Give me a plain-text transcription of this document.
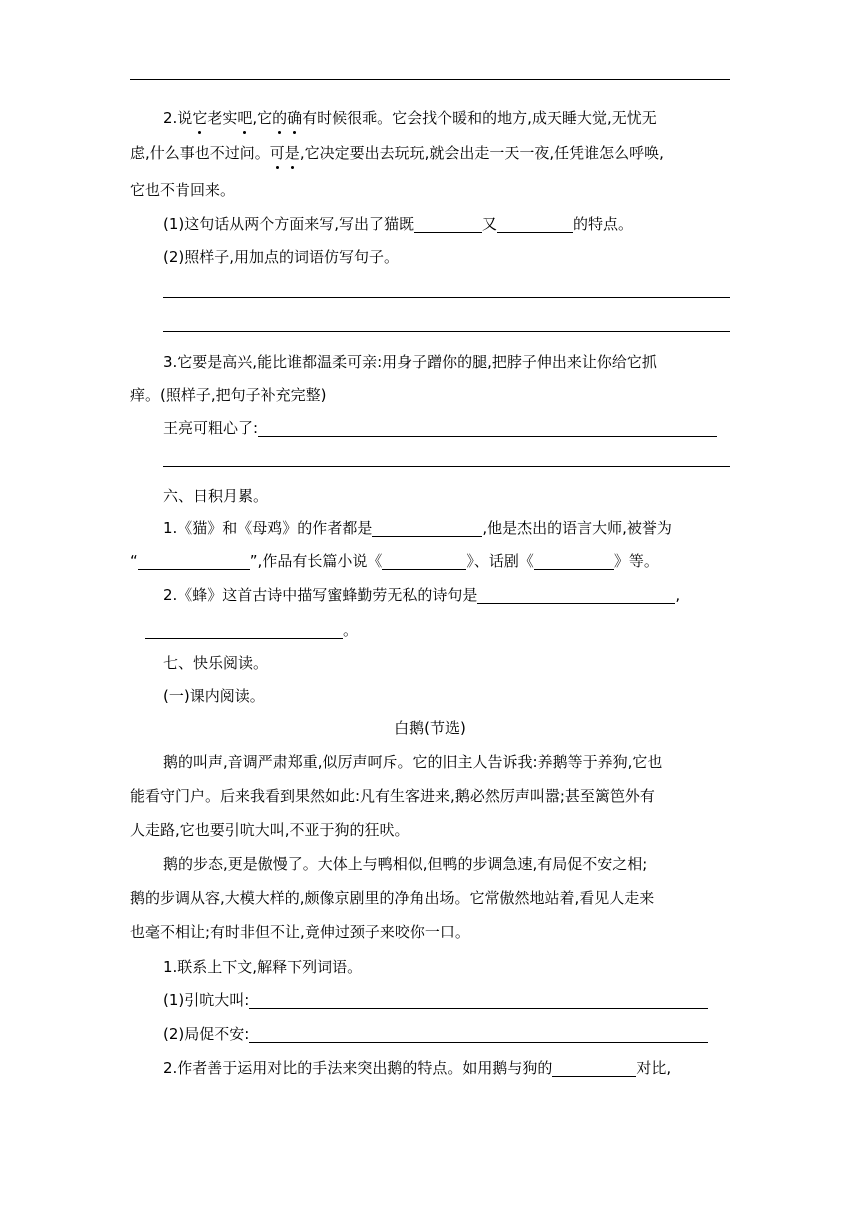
2.说它老实吧,它的确有时候很乖。它会找个暖和的地方,成天睡大觉,无忧无
虑,什么事也不过问。可是,它决定要出去玩玩,就会出走一天一夜,任凭谁怎么呼唤,
它也不肯回来。
(1)这句话从两个方面来写,写出了猫既	又	的特点。
(2)照样子,用加点的词语仿写句子。
3.它要是高兴,能比谁都温柔可亲:用身子蹭你的腿,把脖子伸出来让你给它抓
痒。(照样子,把句子补充完整)
王亮可粗心了:
六、日积月累。
1.《猫》和《母鸡》的作者都是	,他是杰出的语言大师,被誉为
“	”,作品有长篇小说《	》、话剧《	》等。
2.《蜂》这首古诗中描写蜜蜂勤劳无私的诗句是	,
。
七、快乐阅读。
(一)课内阅读。
白鹅(节选)
鹅的叫声,音调严肃郑重,似厉声呵斥。它的旧主人告诉我:养鹅等于养狗,它也
能看守门户。后来我看到果然如此:凡有生客进来,鹅必然厉声叫嚣;甚至篱笆外有
人走路,它也要引吭大叫,不亚于狗的狂吠。
鹅的步态,更是傲慢了。大体上与鸭相似,但鸭的步调急速,有局促不安之相;
鹅的步调从容,大模大样的,颇像京剧里的净角出场。它常傲然地站着,看见人走来
也毫不相让;有时非但不让,竟伸过颈子来咬你一口。
1.联系上下文,解释下列词语。
(1)引吭大叫:
(2)局促不安:
2.作者善于运用对比的手法来突出鹅的特点。如用鹅与狗的	对比,
